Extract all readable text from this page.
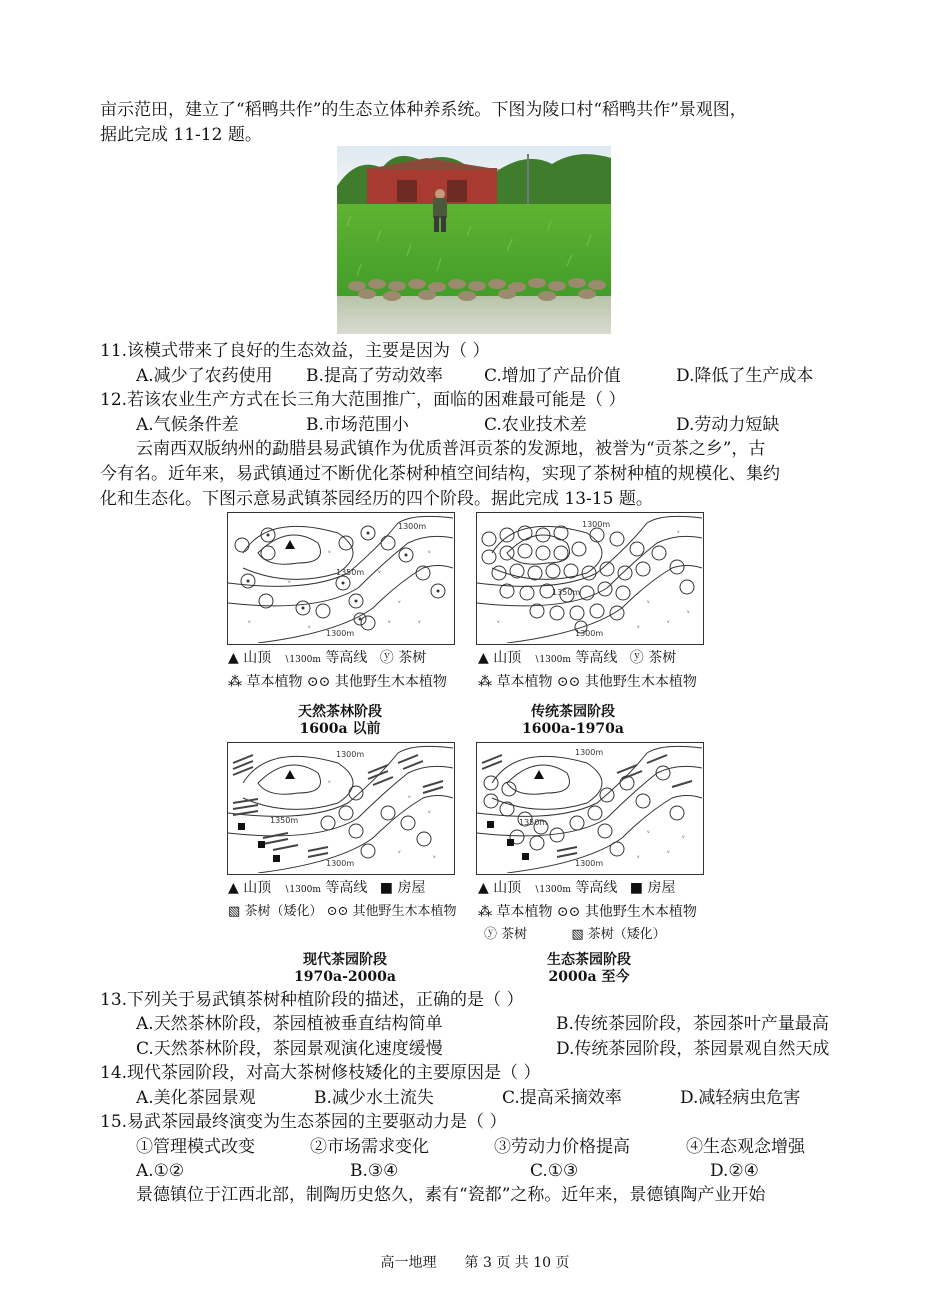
亩示范田，建立了“稻鸭共作”的生态立体种养系统。下图为陵口村“稻鸭共作”景观图，
据此完成 11-12 题。
11.该模式带来了良好的生态效益，主要是因为（ ）
A.减少了农药使用 B.提高了劳动效率 C.增加了产品价值	D.降低了生产成本
12.若该农业生产方式在长三角大范围推广，面临的困难最可能是（ ）
A.气候条件差	B.市场范围小	C.农业技术差	D.劳动力短缺
云南西双版纳州的勐腊县易武镇作为优质普洱贡茶的发源地，被誉为“贡茶之乡”，古
今有名。近年来，易武镇通过不断优化茶树种植空间结构，实现了茶树种植的规模化、集约
化和生态化。下图示意易武镇茶园经历的四个阶段。据此完成 13-15 题。
1350m
1300m
1300m
ᵥ
ᵥ
ᵥ
ᵥ
ᵥ
ᵥ
ᵥ
ᵥ
ᵥ
1350m
1300m
1300m
ᵥ
ᵥ
ᵥ
ᵥ
ᵥ
ᵥ
▲ 山顶 ∖1300m 等高线 ⓨ 茶树
⁂ 草本植物 ⊙⊙ 其他野生木本植物
▲ 山顶 ∖1300m 等高线 ⓨ 茶树
⁂ 草本植物 ⊙⊙ 其他野生木本植物
天然茶林阶段
1600a 以前
传统茶园阶段
1600a-1970a
1350m
1300m
1300m
ᵥ
ᵥ
ᵥ
ᵥ
ᵥ
1350m
1300m
1300m
ᵥ
ᵥ
ᵥ
ᵥ
▲ 山顶 ∖1300m 等高线 ■ 房屋
▧ 茶树（矮化） ⊙⊙ 其他野生木本植物
▲ 山顶 ∖1300m 等高线 ■ 房屋
⁂ 草本植物 ⊙⊙ 其他野生木本植物
ⓨ 茶树	▧ 茶树（矮化）
现代茶园阶段
1970a-2000a
生态茶园阶段
2000a 至今
13.下列关于易武镇茶树种植阶段的描述，正确的是（ ）
A.天然茶林阶段，茶园植被垂直结构简单	B.传统茶园阶段，茶园茶叶产量最高
C.天然茶林阶段，茶园景观演化速度缓慢	D.传统茶园阶段，茶园景观自然天成
14.现代茶园阶段，对高大茶树修枝矮化的主要原因是（ ）
A.美化茶园景观	B.减少水土流失	C.提高采摘效率	D.减轻病虫危害
15.易武茶园最终演变为生态茶园的主要驱动力是（ ）
①管理模式改变	②市场需求变化	③劳动力价格提高	④生态观念增强
A.①②	B.③④	C.①③	D.②④
景德镇位于江西北部，制陶历史悠久，素有“瓷都”之称。近年来，景德镇陶产业开始
高一地理　　第 3 页 共 10 页
